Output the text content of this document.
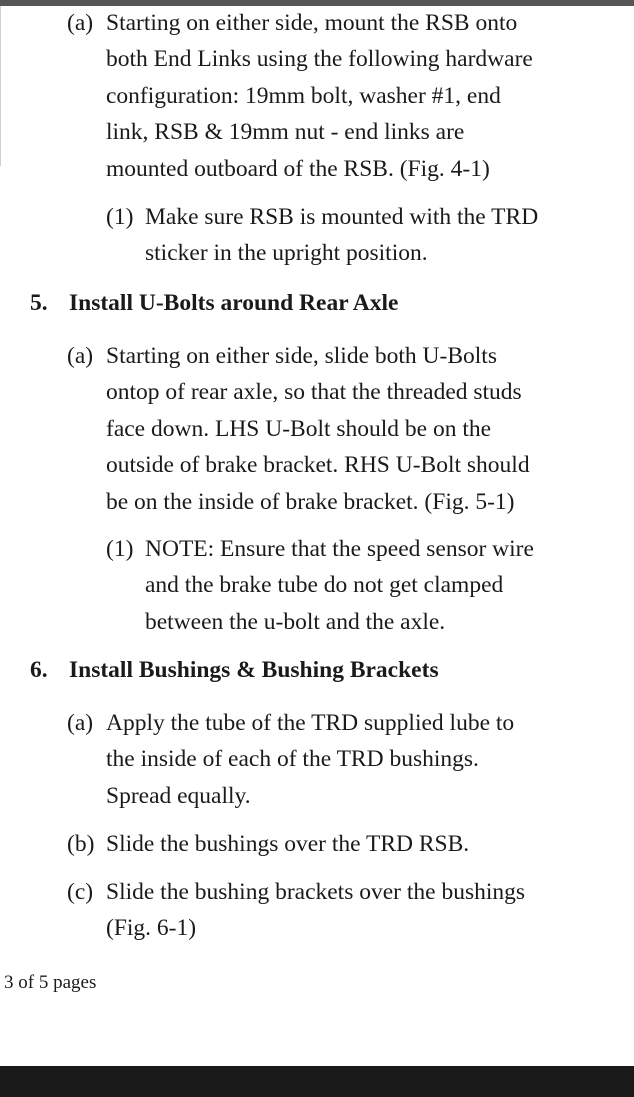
(a) Starting on either side, mount the RSB onto
both End Links using the following hardware
configuration: 19mm bolt, washer #1, end
link, RSB & 19mm nut - end links are
mounted outboard of the RSB. (Fig. 4-1)
(1) Make sure RSB is mounted with the TRD
sticker in the upright position.
5. Install U-Bolts around Rear Axle
(a) Starting on either side, slide both U-Bolts
ontop of rear axle, so that the threaded studs
face down. LHS U-Bolt should be on the
outside of brake bracket. RHS U-Bolt should
be on the inside of brake bracket. (Fig. 5-1)
(1) NOTE: Ensure that the speed sensor wire
and the brake tube do not get clamped
between the u-bolt and the axle.
6. Install Bushings & Bushing Brackets
(a) Apply the tube of the TRD supplied lube to
the inside of each of the TRD bushings.
Spread equally.
(b) Slide the bushings over the TRD RSB.
(c) Slide the bushing brackets over the bushings
(Fig. 6-1)
3 of 5 pages
